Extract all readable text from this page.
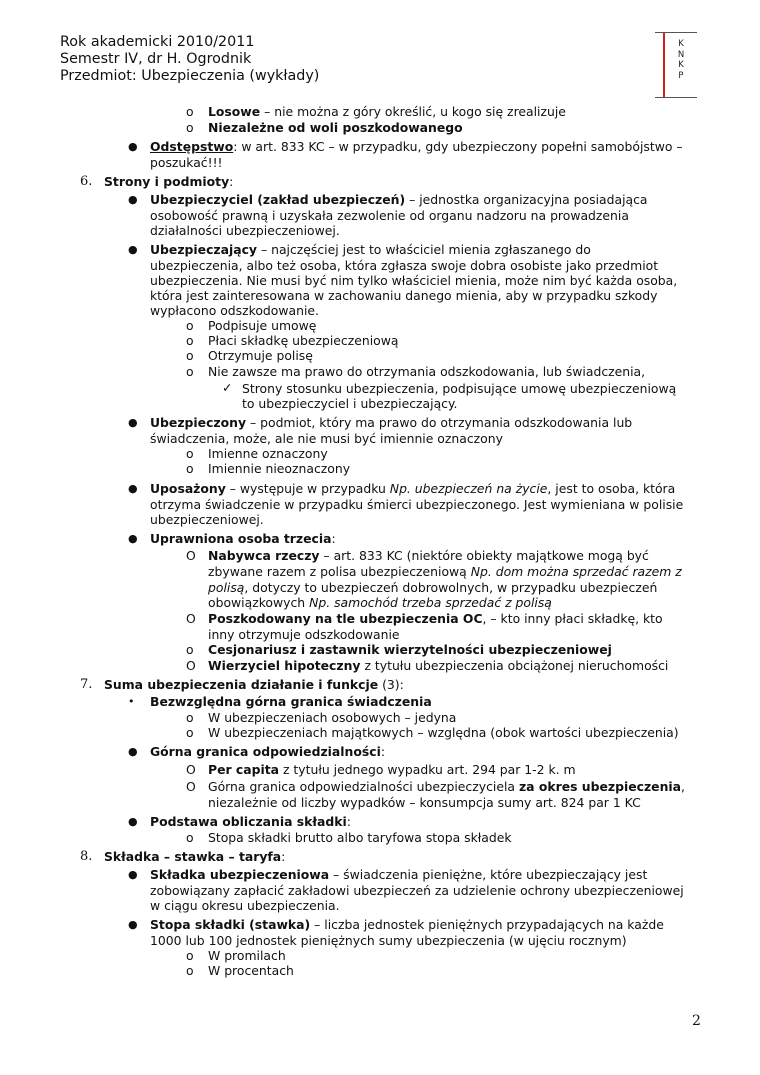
Rok akademicki 2010/2011
Semestr IV, dr H. Ogrodnik
Przedmiot: Ubezpieczenia (wykłady)
K
N
K
P
o Losowe – nie można z góry określić, u kogo się zrealizuje
o Niezależne od woli poszkodowanego
● Odstępstwo: w art. 833 KC – w przypadku, gdy ubezpieczony popełni samobójstwo –
poszukać!!!
6. Strony i podmioty:
● Ubezpieczyciel (zakład ubezpieczeń) – jednostka organizacyjna posiadająca
osobowość prawną i uzyskała zezwolenie od organu nadzoru na prowadzenia
działalności ubezpieczeniowej.
● Ubezpieczający – najczęściej jest to właściciel mienia zgłaszanego do
ubezpieczenia, albo też osoba, która zgłasza swoje dobra osobiste jako przedmiot
ubezpieczenia. Nie musi być nim tylko właściciel mienia, może nim być każda osoba,
która jest zainteresowana w zachowaniu danego mienia, aby w przypadku szkody
wypłacono odszkodowanie.
o Podpisuje umowę
o Płaci składkę ubezpieczeniową
o Otrzymuje polisę
o Nie zawsze ma prawo do otrzymania odszkodowania, lub świadczenia,
✓ Strony stosunku ubezpieczenia, podpisujące umowę ubezpieczeniową
to ubezpieczyciel i ubezpieczający.
● Ubezpieczony – podmiot, który ma prawo do otrzymania odszkodowania lub
świadczenia, może, ale nie musi być imiennie oznaczony
o Imienne oznaczony
o Imiennie nieoznaczony
● Uposażony – występuje w przypadku Np. ubezpieczeń na życie, jest to osoba, która
otrzyma świadczenie w przypadku śmierci ubezpieczonego. Jest wymieniana w polisie
ubezpieczeniowej.
● Uprawniona osoba trzecia:
O Nabywca rzeczy – art. 833 KC (niektóre obiekty majątkowe mogą być
zbywane razem z polisa ubezpieczeniową Np. dom można sprzedać razem z
polisą, dotyczy to ubezpieczeń dobrowolnych, w przypadku ubezpieczeń
obowiązkowych Np. samochód trzeba sprzedać z polisą
O Poszkodowany na tle ubezpieczenia OC, – kto inny płaci składkę, kto
inny otrzymuje odszkodowanie
o Cesjonariusz i zastawnik wierzytelności ubezpieczeniowej
O Wierzyciel hipoteczny z tytułu ubezpieczenia obciążonej nieruchomości
7. Suma ubezpieczenia działanie i funkcje (3):
• Bezwzględna górna granica świadczenia
o W ubezpieczeniach osobowych – jedyna
o W ubezpieczeniach majątkowych – względna (obok wartości ubezpieczenia)
● Górna granica odpowiedzialności:
O Per capita z tytułu jednego wypadku art. 294 par 1-2 k. m
O Górna granica odpowiedzialności ubezpieczyciela za okres ubezpieczenia,
niezależnie od liczby wypadków – konsumpcja sumy art. 824 par 1 KC
● Podstawa obliczania składki:
o Stopa składki brutto albo taryfowa stopa składek
8. Składka – stawka – taryfa:
● Składka ubezpieczeniowa – świadczenia pieniężne, które ubezpieczający jest
zobowiązany zapłacić zakładowi ubezpieczeń za udzielenie ochrony ubezpieczeniowej
w ciągu okresu ubezpieczenia.
● Stopa składki (stawka) – liczba jednostek pieniężnych przypadających na każde
1000 lub 100 jednostek pieniężnych sumy ubezpieczenia (w ujęciu rocznym)
o W promilach
o W procentach
2
